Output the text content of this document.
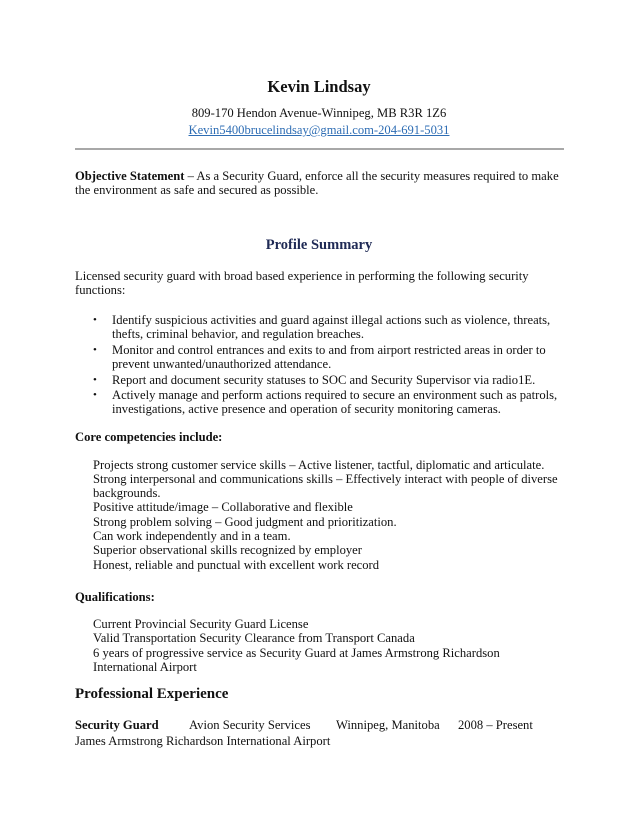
Kevin Lindsay
809-170 Hendon Avenue-Winnipeg, MB R3R 1Z6
Kevin5400brucelindsay@gmail.com-204-691-5031
Objective Statement – As a Security Guard, enforce all the security measures required to make
the environment as safe and secured as possible.
Profile Summary
Licensed security guard with broad based experience in performing the following security
functions:
• Identify suspicious activities and guard against illegal actions such as violence, threats,
thefts, criminal behavior, and regulation breaches.
• Monitor and control entrances and exits to and from airport restricted areas in order to
prevent unwanted/unauthorized attendance.
• Report and document security statuses to SOC and Security Supervisor via radio1E.
• Actively manage and perform actions required to secure an environment such as patrols,
investigations, active presence and operation of security monitoring cameras.
Core competencies include:
Projects strong customer service skills – Active listener, tactful, diplomatic and articulate.
Strong interpersonal and communications skills – Effectively interact with people of diverse
backgrounds.
Positive attitude/image – Collaborative and flexible
Strong problem solving – Good judgment and prioritization.
Can work independently and in a team.
Superior observational skills recognized by employer
Honest, reliable and punctual with excellent work record
Qualifications:
Current Provincial Security Guard License
Valid Transportation Security Clearance from Transport Canada
6 years of progressive service as Security Guard at James Armstrong Richardson
International Airport
Professional Experience
Security Guard Avion Security Services Winnipeg, Manitoba 2008 – Present
James Armstrong Richardson International Airport
